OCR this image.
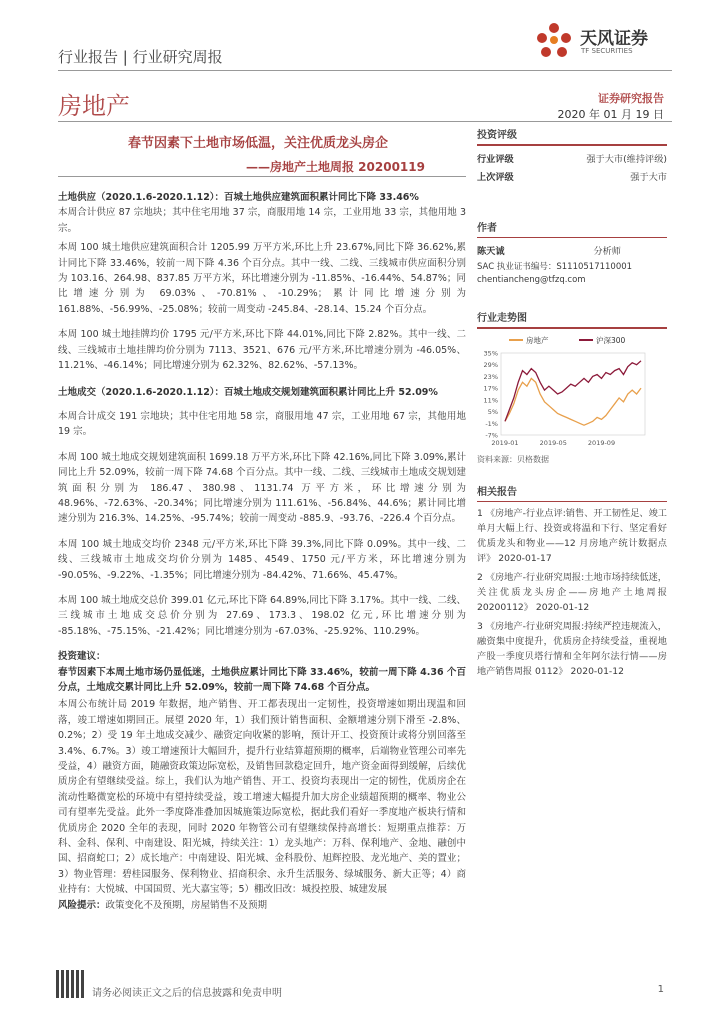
行业报告 | 行业研究周报
天风证券
TF SECURITIES
房地产	证券研究报告
2020 年 01 月 19 日
春节因素下土地市场低温，关注优质龙头房企
——房地产土地周报 20200119

土地供应（2020.1.6-2020.1.12）：百城土地供应建筑面积累计同比下降 33.46%

本周合计供应 87 宗地块；其中住宅用地 37 宗，商服用地 14 宗，工业用地 33 宗，其他用地 3 宗。

本周 100 城土地供应建筑面积合计 1205.99 万平方米,环比上升 23.67%,同比下降 36.62%,累计同比下降 33.46%，较前一周下降 4.36 个百分点。其中一线、二线、三线城市供应面积分别为 103.16、264.98、837.85 万平方米，环比增速分别为 -11.85%、-16.44%、54.87%；同比增速分别为 69.03%、-70.81%、-10.29%；累计同比增速分别为 161.88%、-56.99%、-25.08%；较前一周变动 -245.84、-28.14、15.24 个百分点。

本周 100 城土地挂牌均价 1795 元/平方米,环比下降 44.01%,同比下降 2.82%。其中一线、二线、三线城市土地挂牌均价分别为 7113、3521、676 元/平方米,环比增速分别为 -46.05%、11.21%、-46.14%；同比增速分别为 62.32%、82.62%、-57.13%。

土地成交（2020.1.6-2020.1.12）：百城土地成交规划建筑面积累计同比上升 52.09%

本周合计成交 191 宗地块；其中住宅用地 58 宗，商服用地 47 宗，工业用地 67 宗，其他用地 19 宗。

本周 100 城土地成交规划建筑面积 1699.18 万平方米,环比下降 42.16%,同比下降 3.09%,累计同比上升 52.09%，较前一周下降 74.68 个百分点。其中一线、二线、三线城市土地成交规划建筑面积分别为 186.47、380.98、1131.74 万平方米，环比增速分别为 48.96%、-72.63%、-20.34%；同比增速分别为 111.61%、-56.84%、44.6%；累计同比增速分别为 216.3%、14.25%、-95.74%；较前一周变动 -885.9、-93.76、-226.4 个百分点。

本周 100 城土地成交均价 2348 元/平方米,环比下降 39.3%,同比下降 0.09%。其中一线、二线、三线城市土地成交均价分别为 1485、4549、1750 元/平方米，环比增速分别为 -90.05%、-9.22%、-1.35%；同比增速分别为 -84.42%、71.66%、45.47%。

本周 100 城土地成交总价 399.01 亿元,环比下降 64.89%,同比下降 3.17%。其中一线、二线、三线城市土地成交总价分别为 27.69、173.3、198.02 亿元,环比增速分别为 -85.18%、-75.15%、-21.42%；同比增速分别为 -67.03%、-25.92%、110.29%。

投资建议：

春节因素下本周土地市场仍显低迷，土地供应累计同比下降 33.46%，较前一周下降 4.36 个百分点，土地成交累计同比上升 52.09%，较前一周下降 74.68 个百分点。

本周公布统计局 2019 年数据，地产销售、开工都表现出一定韧性，投资增速如期出现温和回落，竣工增速如期回正。展望 2020 年，1）我们预计销售面积、金额增速分别下滑至 -2.8%、0.2%；2）受 19 年土地成交减少、融资定向收紧的影响，预计开工、投资预计或将分别回落至 3.4%、6.7%。3）竣工增速预计大幅回升，提升行业结算超预期的概率，后端物业管理公司率先受益，4）融资方面，随融资政策边际宽松，及销售回款稳定回升，地产资金面得到缓解，后续优质房企有望继续受益。综上，我们认为地产销售、开工、投资均表现出一定的韧性，优质房企在流动性略微宽松的环境中有望持续受益，竣工增速大幅提升加大房企业绩超预期的概率、物业公司有望率先受益。此外一季度降准叠加因城施策边际宽松，据此我们看好一季度地产板块行情和优质房企 2020 全年的表现，同时 2020 年物管公司有望继续保持高增长：短期重点推荐：万科、金科、保利、中南建设、阳光城，持续关注：1）龙头地产：万科、保利地产、金地、融创中国、招商蛇口；2）成长地产：中南建设、阳光城、金科股份、旭辉控股、龙光地产、美的置业；3）物业管理：碧桂园服务、保利物业、招商积余、永升生活服务、绿城服务、新大正等；4）商业持有：大悦城、中国国贸、光大嘉宝等；5）棚改旧改：城投控股、城建发展

风险提示：政策变化不及预期，房屋销售不及预期

投资评级
行业评级	强于大市(维持评级)
上次评级	强于大市
作者
陈天诚	分析师
SAC 执业证书编号：S1110517110001
chentiancheng@tfzq.com
行业走势图
房地产	沪深300
35%
29%
23%
17%
11%
5%
-1%
-7%
2019-01	2019-05	2019-09
资料来源：贝格数据
相关报告

1 《房地产-行业点评:销售、开工韧性足、竣工单月大幅上行、投资或将温和下行、坚定看好优质龙头和物业——12 月房地产统计数据点评》 2020-01-17

2 《房地产-行业研究周报:土地市场持续低迷，关注优质龙头房企——房地产土地周报 20200112》 2020-01-12

3 《房地产-行业研究周报:持续严控违规流入，融资集中度提升，优质房企持续受益，重视地产股一季度贝塔行情和全年阿尔法行情——房地产销售周报 0112》 2020-01-12

请务必阅读正文之后的信息披露和免责申明	1
